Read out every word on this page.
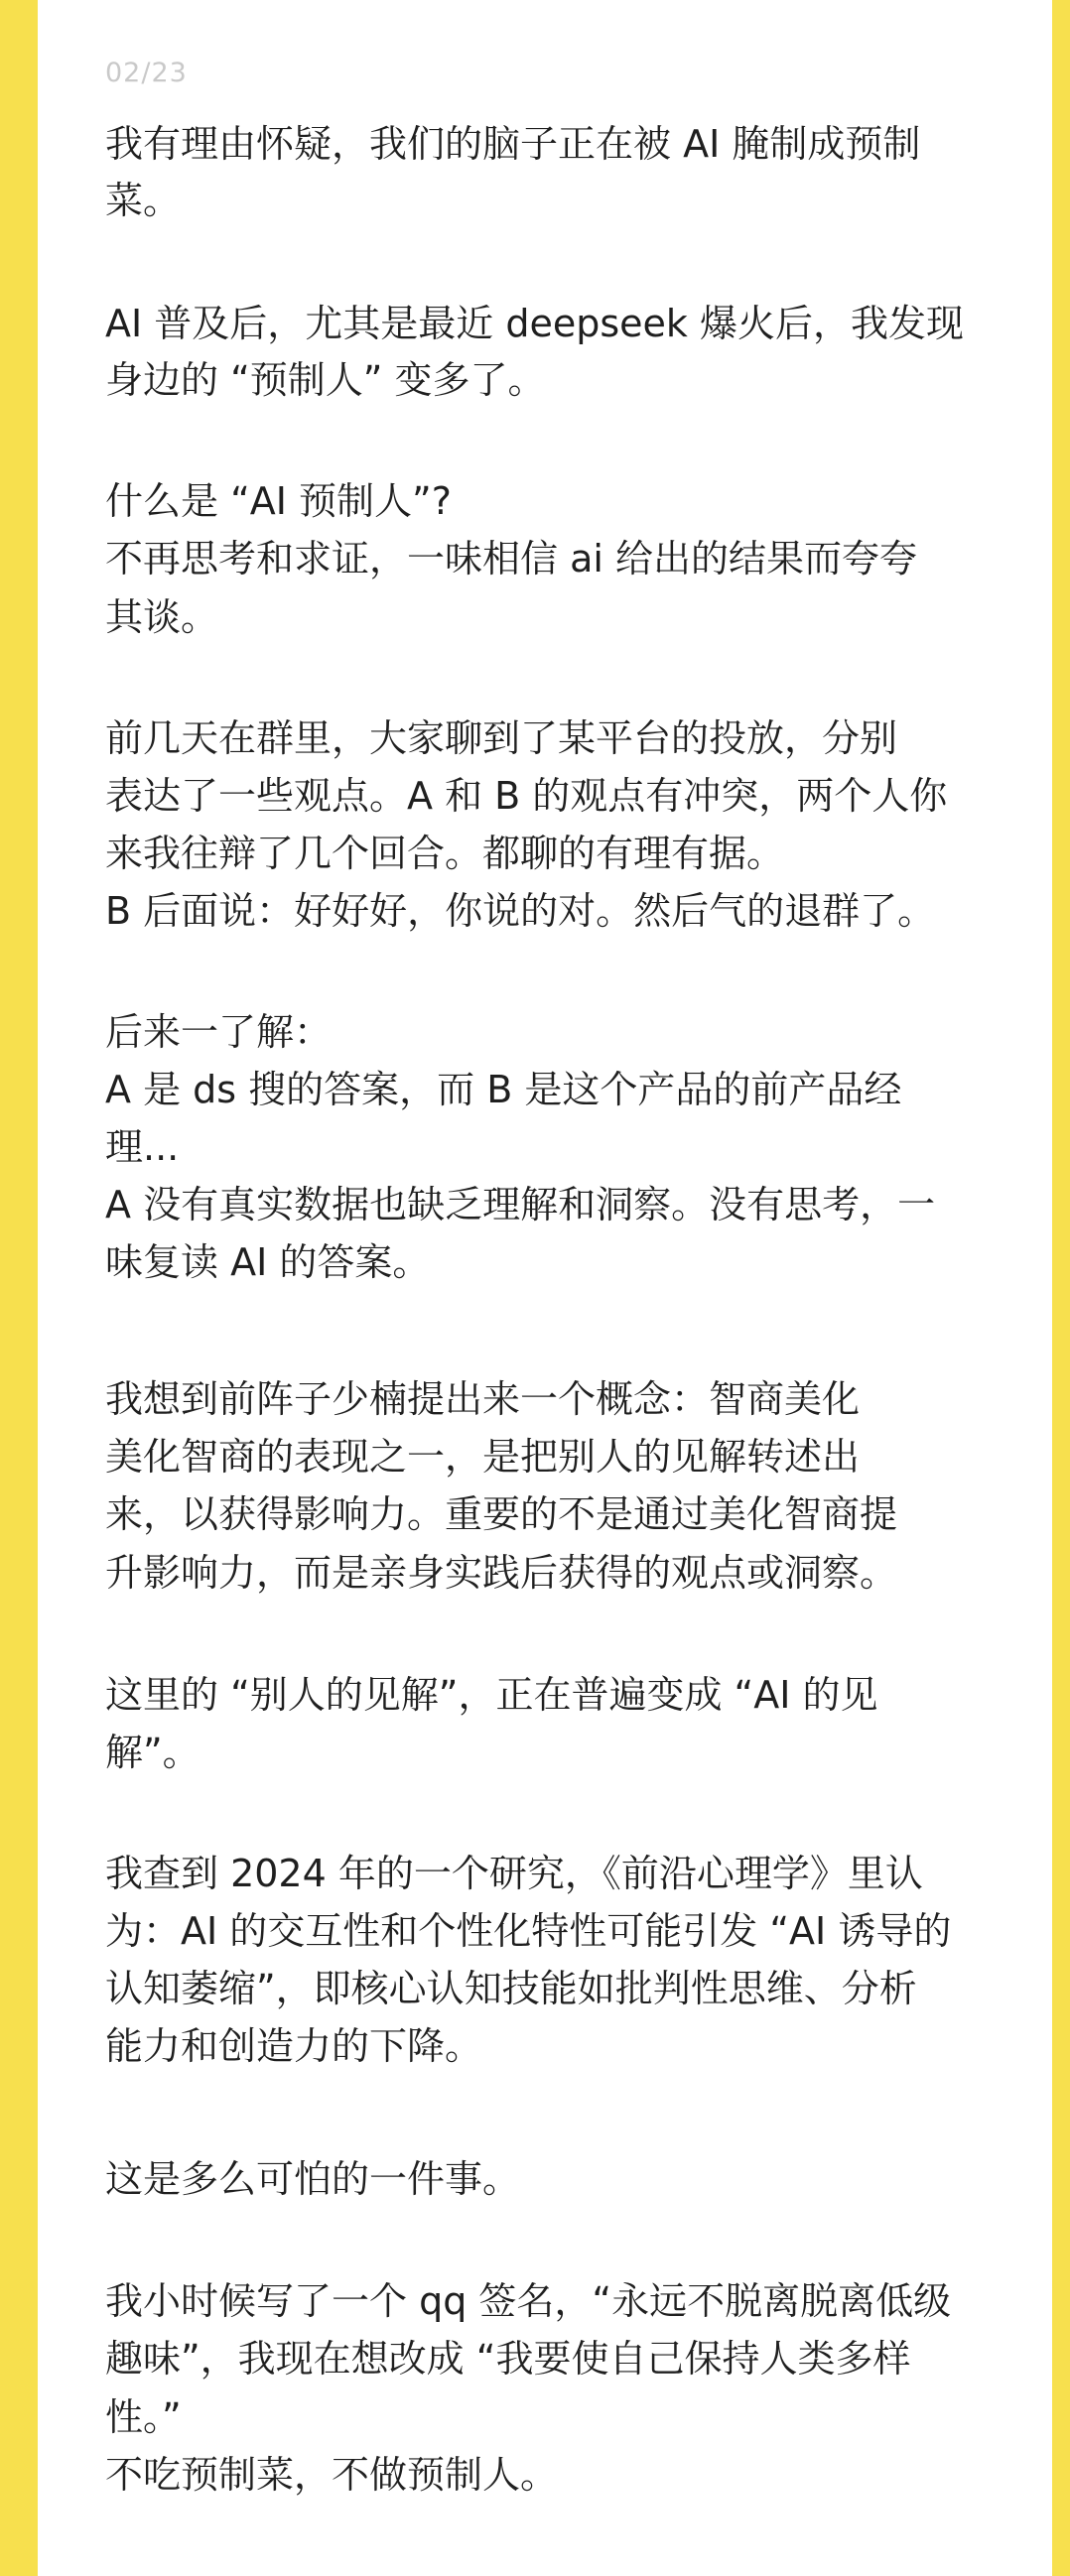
02/23
我有理由怀疑，我们的脑子正在被 AI 腌制成预制
菜。
AI 普及后，尤其是最近 deepseek 爆火后，我发现
身边的 “预制人” 变多了。
什么是 “AI 预制人”?
不再思考和求证，一味相信 ai 给出的结果而夸夸
其谈。
前几天在群里，大家聊到了某平台的投放，分别
表达了一些观点。A 和 B 的观点有冲突，两个人你
来我往辩了几个回合。都聊的有理有据。
B 后面说：好好好，你说的对。然后气的退群了。
后来一了解：
A 是 ds 搜的答案，而 B 是这个产品的前产品经
理...
A 没有真实数据也缺乏理解和洞察。没有思考，一
味复读 AI 的答案。
我想到前阵子少楠提出来一个概念：智商美化
美化智商的表现之一，是把别人的见解转述出
来，以获得影响力。重要的不是通过美化智商提
升影响力，而是亲身实践后获得的观点或洞察。
这里的 “别人的见解”，正在普遍变成 “AI 的见
解”。
我查到 2024 年的一个研究，《前沿心理学》里认
为：AI 的交互性和个性化特性可能引发 “AI 诱导的
认知萎缩”，即核心认知技能如批判性思维、分析
能力和创造力的下降。
这是多么可怕的一件事。
我小时候写了一个 qq 签名，“永远不脱离脱离低级
趣味”，我现在想改成 “我要使自己保持人类多样
性。”
不吃预制菜，不做预制人。
